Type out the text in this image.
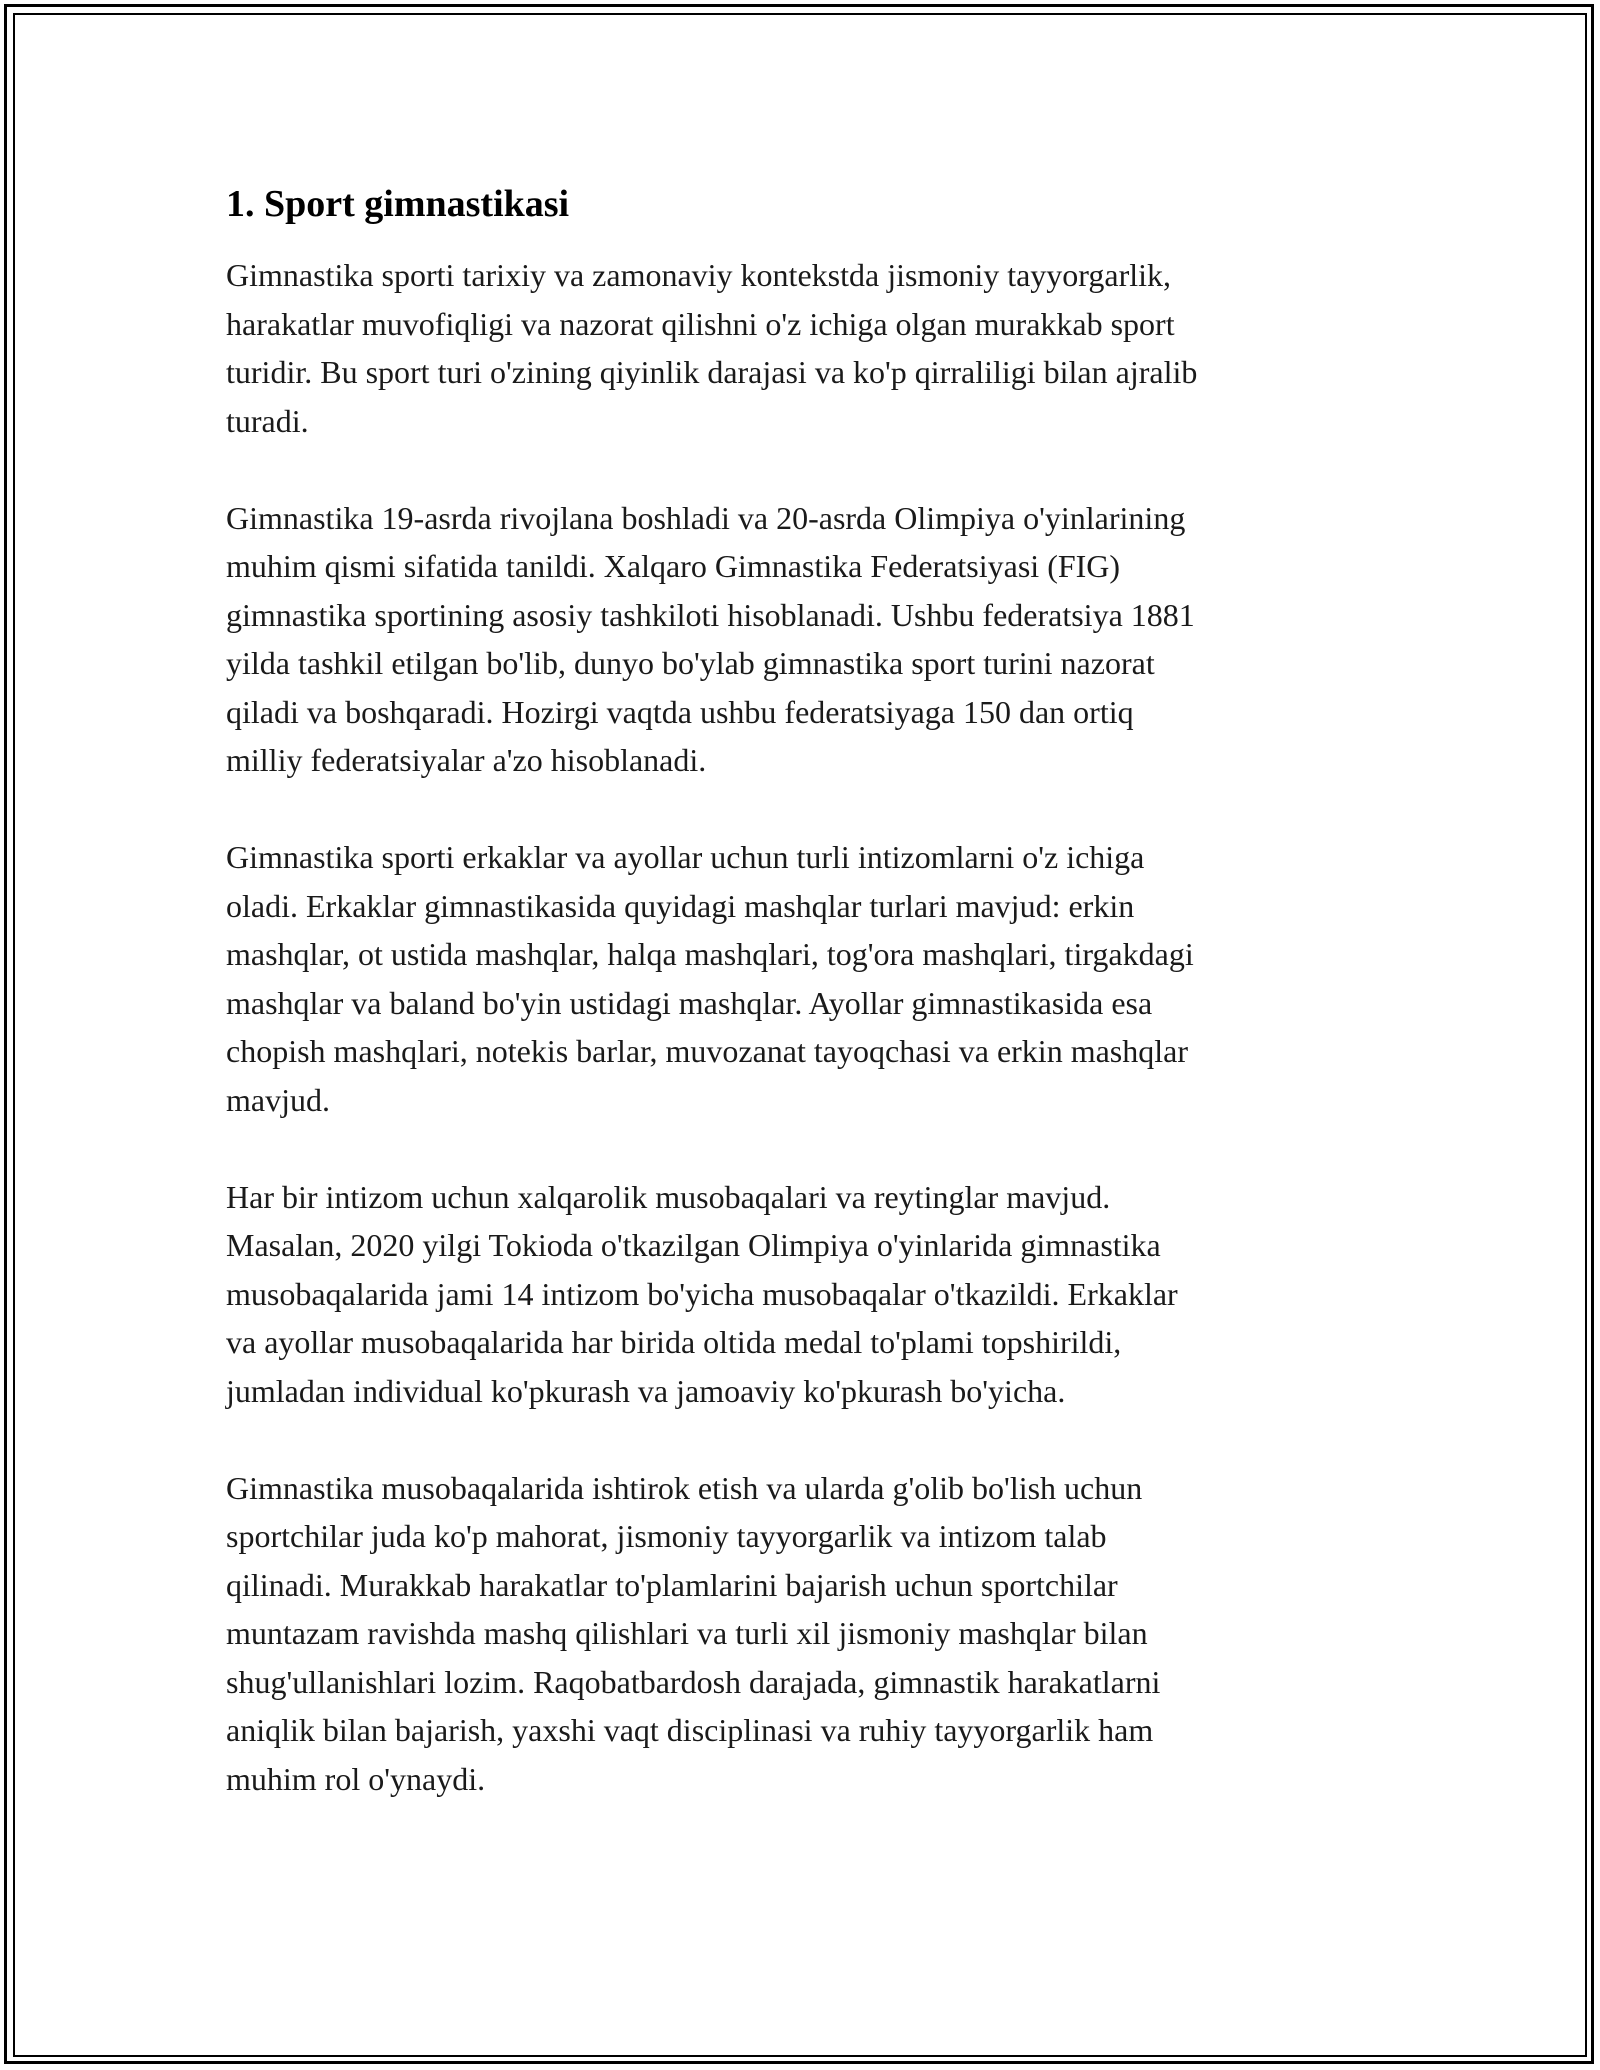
1. Sport gimnastikasi

Gimnastika sporti tarixiy va zamonaviy kontekstda jismoniy tayyorgarlik,
harakatlar muvofiqligi va nazorat qilishni o'z ichiga olgan murakkab sport
turidir. Bu sport turi o'zining qiyinlik darajasi va ko'p qirraliligi bilan ajralib
turadi.

Gimnastika 19-asrda rivojlana boshladi va 20-asrda Olimpiya o'yinlarining
muhim qismi sifatida tanildi. Xalqaro Gimnastika Federatsiyasi (FIG)
gimnastika sportining asosiy tashkiloti hisoblanadi. Ushbu federatsiya 1881
yilda tashkil etilgan bo'lib, dunyo bo'ylab gimnastika sport turini nazorat
qiladi va boshqaradi. Hozirgi vaqtda ushbu federatsiyaga 150 dan ortiq
milliy federatsiyalar a'zo hisoblanadi.

Gimnastika sporti erkaklar va ayollar uchun turli intizomlarni o'z ichiga
oladi. Erkaklar gimnastikasida quyidagi mashqlar turlari mavjud: erkin
mashqlar, ot ustida mashqlar, halqa mashqlari, tog'ora mashqlari, tirgakdagi
mashqlar va baland bo'yin ustidagi mashqlar. Ayollar gimnastikasida esa
chopish mashqlari, notekis barlar, muvozanat tayoqchasi va erkin mashqlar
mavjud.

Har bir intizom uchun xalqarolik musobaqalari va reytinglar mavjud.
Masalan, 2020 yilgi Tokioda o'tkazilgan Olimpiya o'yinlarida gimnastika
musobaqalarida jami 14 intizom bo'yicha musobaqalar o'tkazildi. Erkaklar
va ayollar musobaqalarida har birida oltida medal to'plami topshirildi,
jumladan individual ko'pkurash va jamoaviy ko'pkurash bo'yicha.

Gimnastika musobaqalarida ishtirok etish va ularda g'olib bo'lish uchun
sportchilar juda ko'p mahorat, jismoniy tayyorgarlik va intizom talab
qilinadi. Murakkab harakatlar to'plamlarini bajarish uchun sportchilar
muntazam ravishda mashq qilishlari va turli xil jismoniy mashqlar bilan
shug'ullanishlari lozim. Raqobatbardosh darajada, gimnastik harakatlarni
aniqlik bilan bajarish, yaxshi vaqt disciplinasi va ruhiy tayyorgarlik ham
muhim rol o'ynaydi.
